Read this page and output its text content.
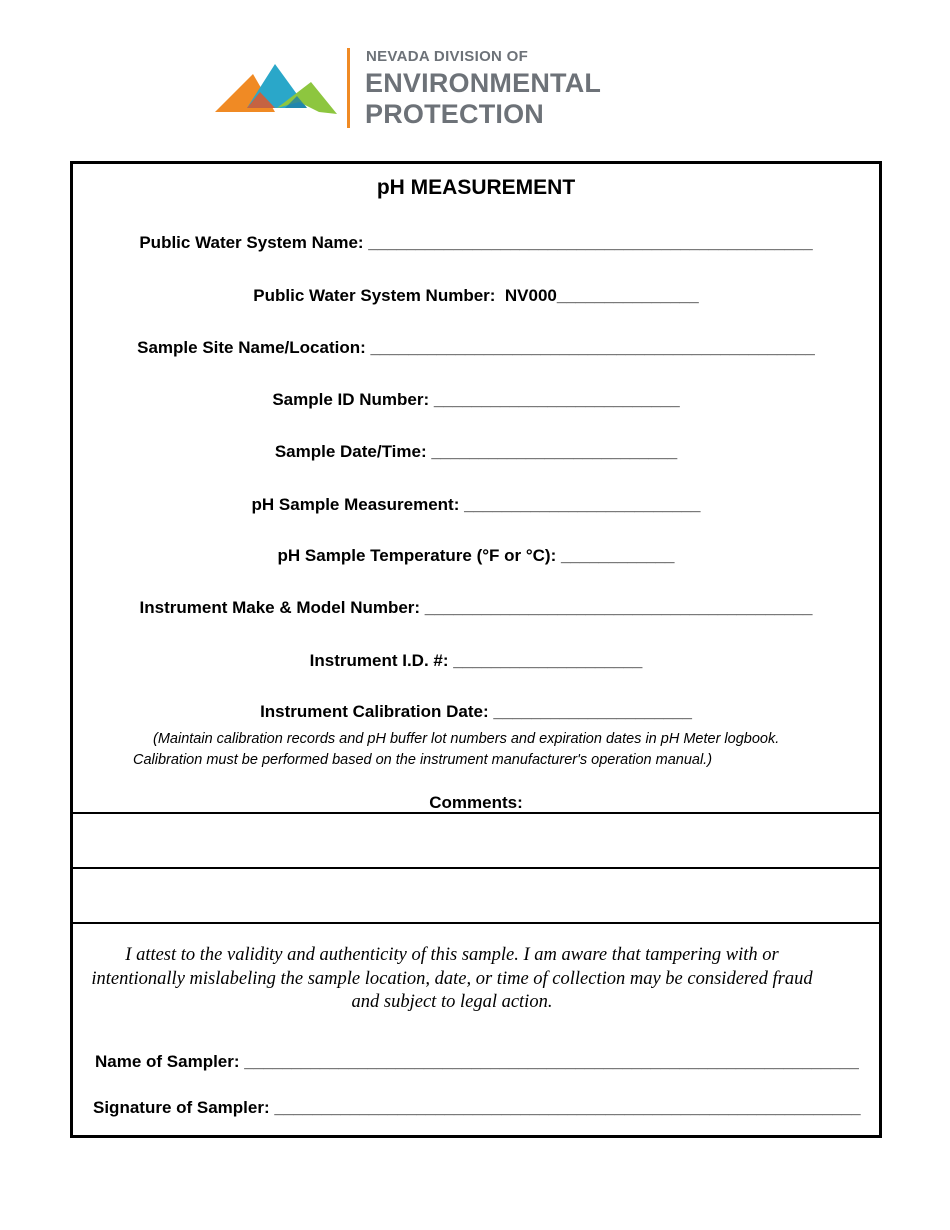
NEVADA DIVISION OF
ENVIRONMENTAL
PROTECTION
pH MEASUREMENT
Public Water System Name: _______________________________________________
Public Water System Number:  NV000_______________
Sample Site Name/Location: _______________________________________________
Sample ID Number: __________________________
Sample Date/Time: __________________________
pH Sample Measurement: _________________________
pH Sample Temperature (°F or °C): ____________
Instrument Make & Model Number: _________________________________________
Instrument I.D. #: ____________________
Instrument Calibration Date: _____________________
(Maintain calibration records and pH buffer lot numbers and expiration dates in pH Meter logbook.
Calibration must be performed based on the instrument manufacturer's operation manual.)
Comments:
I attest to the validity and authenticity of this sample. I am aware that tampering with or intentionally mislabeling the sample location, date, or time of collection may be considered fraud and subject to legal action.
Name of Sampler: _________________________________________________________________
Signature of Sampler: ______________________________________________________________
